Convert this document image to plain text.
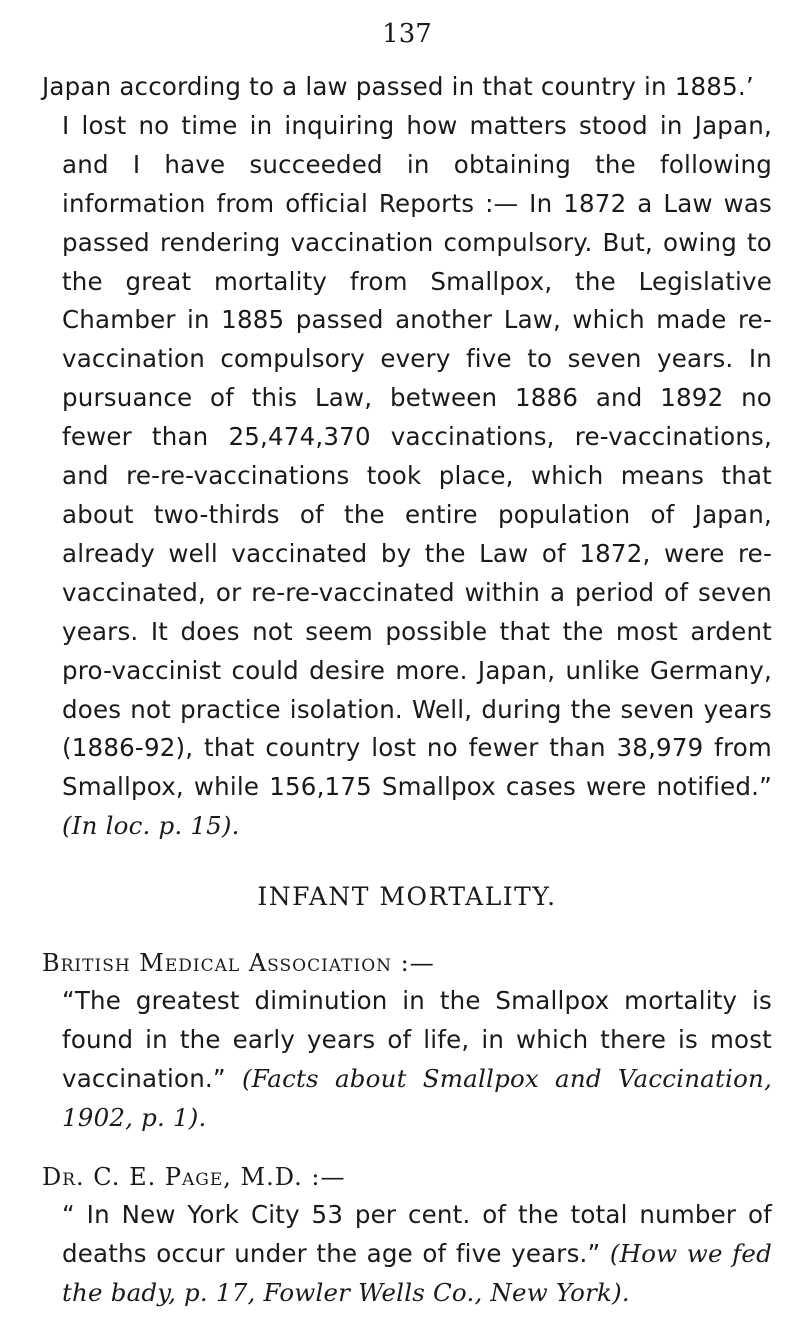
137

Japan according to a law passed in that country in 1885.’

I lost no time in inquiring how matters stood in Japan, and I have succeeded in obtaining the following information from official Reports :— In 1872 a Law was passed rendering vaccination compulsory. But, owing to the great mortality from Smallpox, the Legislative Chamber in 1885 passed another Law, which made re-vaccination compulsory every five to seven years. In pursuance of this Law, between 1886 and 1892 no fewer than 25,474,370 vaccinations, re-vaccinations, and re-re-vaccinations took place, which means that about two-thirds of the entire population of Japan, already well vaccinated by the Law of 1872, were re-vaccinated, or re-re-vaccinated within a period of seven years. It does not seem possible that the most ardent pro-vaccinist could desire more. Japan, unlike Germany, does not practice isolation. Well, during the seven years (1886-92), that country lost no fewer than 38,979 from Smallpox, while 156,175 Smallpox cases were notified.” (In loc. p. 15).

INFANT MORTALITY.
British Medical Association :—

“The greatest diminution in the Smallpox mortality is found in the early years of life, in which there is most vaccination.” (Facts about Smallpox and Vaccination, 1902, p. 1).

Dr. C. E. Page, M.D. :—

“ In New York City 53 per cent. of the total number of deaths occur under the age of five years.” (How we fed the bady, p. 17, Fowler Wells Co., New York).
